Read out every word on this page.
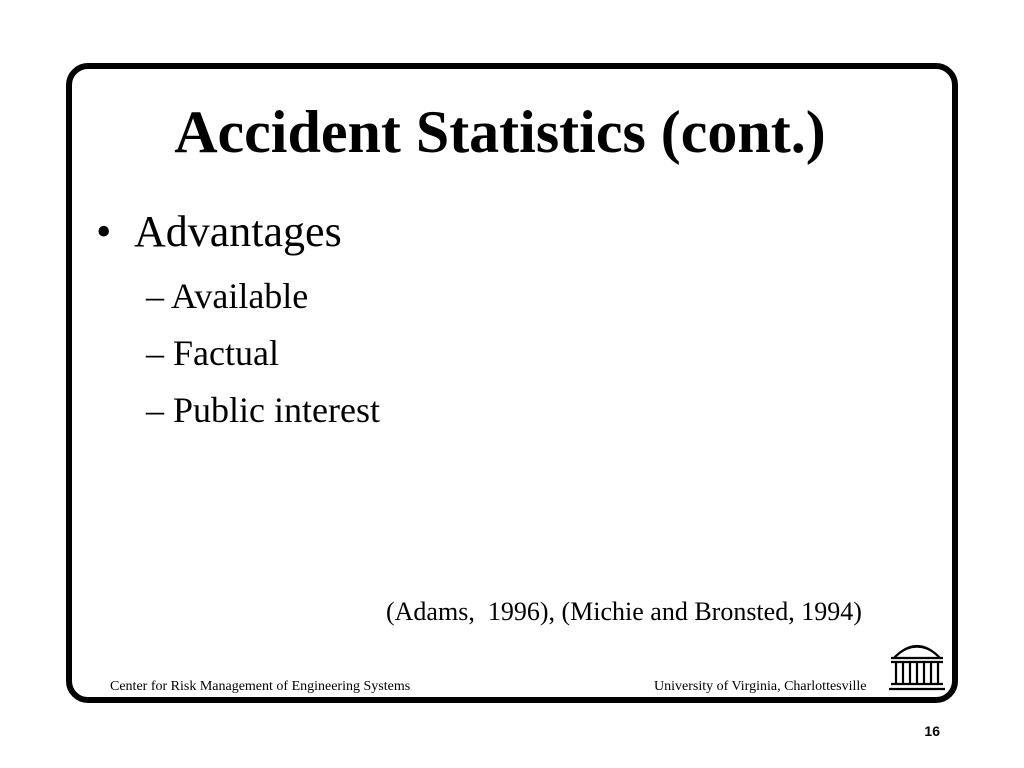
Accident Statistics (cont.)
• Advantages
– Available
– Factual
– Public interest
(Adams,  1996), (Michie and Bronsted, 1994)
Center for Risk Management of Engineering Systems	University of Virginia, Charlottesville
16
